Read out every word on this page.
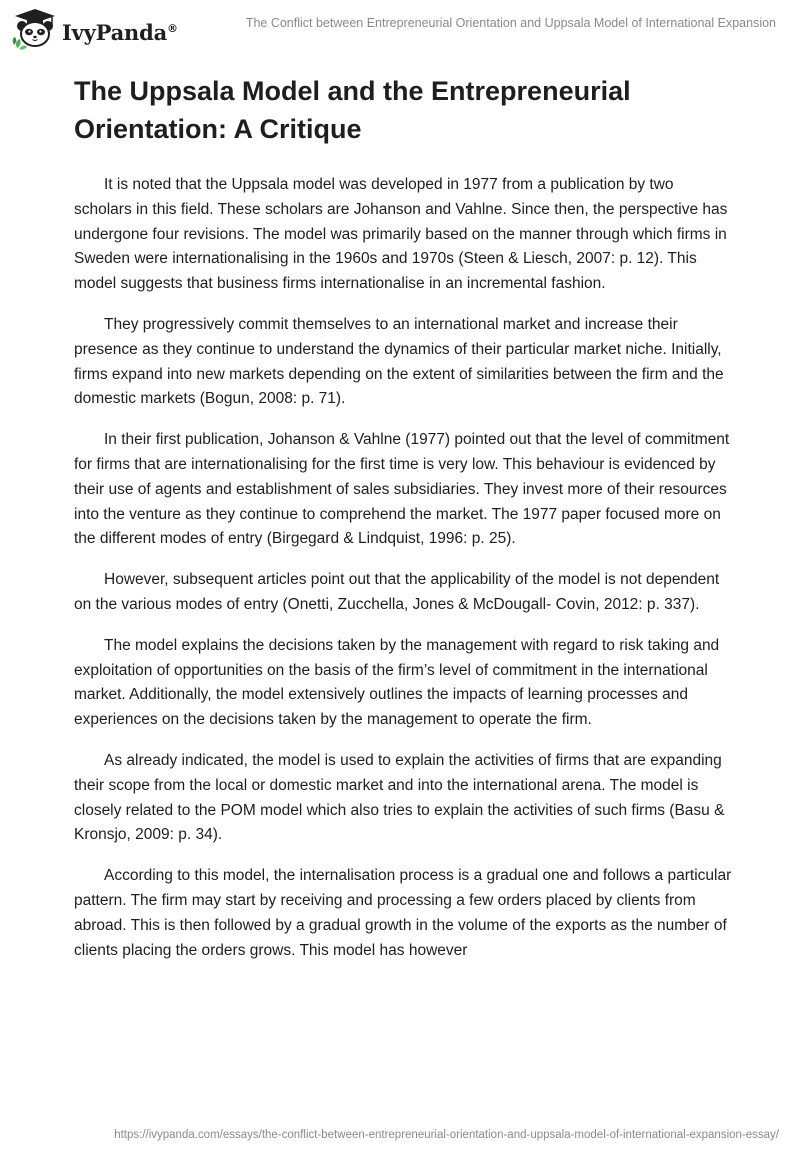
IvyPanda®	The Conflict between Entrepreneurial Orientation and Uppsala Model of International Expansion
The Uppsala Model and the Entrepreneurial Orientation: A Critique

It is noted that the Uppsala model was developed in 1977 from a publication by two scholars in this field. These scholars are Johanson and Vahlne. Since then, the perspective has undergone four revisions. The model was primarily based on the manner through which firms in Sweden were internationalising in the 1960s and 1970s (Steen & Liesch, 2007: p. 12). This model suggests that business firms internationalise in an incremental fashion.

They progressively commit themselves to an international market and increase their presence as they continue to understand the dynamics of their particular market niche. Initially, firms expand into new markets depending on the extent of similarities between the firm and the domestic markets (Bogun, 2008: p. 71).

In their first publication, Johanson & Vahlne (1977) pointed out that the level of commitment for firms that are internationalising for the first time is very low. This behaviour is evidenced by their use of agents and establishment of sales subsidiaries. They invest more of their resources into the venture as they continue to comprehend the market. The 1977 paper focused more on the different modes of entry (Birgegard & Lindquist, 1996: p. 25).

However, subsequent articles point out that the applicability of the model is not dependent on the various modes of entry (Onetti, Zucchella, Jones & McDougall- Covin, 2012: p. 337).

The model explains the decisions taken by the management with regard to risk taking and exploitation of opportunities on the basis of the firm’s level of commitment in the international market. Additionally, the model extensively outlines the impacts of learning processes and experiences on the decisions taken by the management to operate the firm.

As already indicated, the model is used to explain the activities of firms that are expanding their scope from the local or domestic market and into the international arena. The model is closely related to the POM model which also tries to explain the activities of such firms (Basu & Kronsjo, 2009: p. 34).

According to this model, the internalisation process is a gradual one and follows a particular pattern. The firm may start by receiving and processing a few orders placed by clients from abroad. This is then followed by a gradual growth in the volume of the exports as the number of clients placing the orders grows. This model has however

https://ivypanda.com/essays/the-conflict-between-entrepreneurial-orientation-and-uppsala-model-of-international-expansion-essay/
